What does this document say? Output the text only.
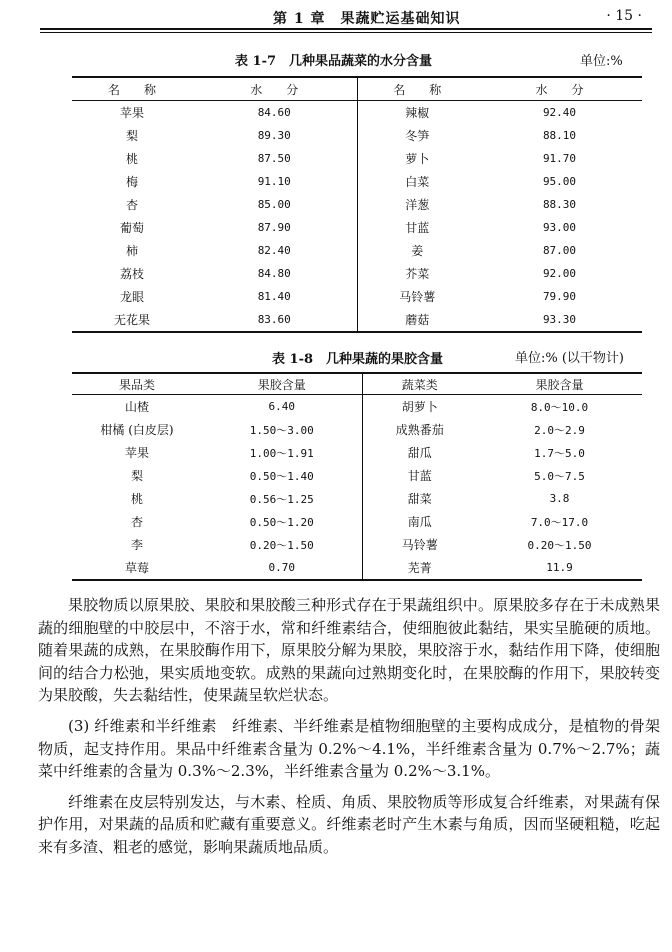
第 1 章　果蔬贮运基础知识	· 15 ·
表 1-7　几种果品蔬菜的水分含量	单位:%
名　　称	水　　分	名　　称	水　　分
苹果	84.60	辣椒	92.40
梨	89.30	冬笋	88.10
桃	87.50	萝卜	91.70
梅	91.10	白菜	95.00
杏	85.00	洋葱	88.30
葡萄	87.90	甘蓝	93.00
柿	82.40	姜	87.00
荔枝	84.80	芥菜	92.00
龙眼	81.40	马铃薯	79.90
无花果	83.60	蘑菇	93.30
表 1-8　几种果蔬的果胶含量	单位:% (以干物计)
果品类	果胶含量	蔬菜类	果胶含量
山楂	6.40	胡萝卜	8.0～10.0
柑橘 (白皮层)	1.50～3.00	成熟番茄	2.0～2.9
苹果	1.00～1.91	甜瓜	1.7～5.0
梨	0.50～1.40	甘蓝	5.0～7.5
桃	0.56～1.25	甜菜	3.8
杏	0.50～1.20	南瓜	7.0～17.0
李	0.20～1.50	马铃薯	0.20～1.50
草莓	0.70	芜菁	11.9

果胶物质以原果胶、果胶和果胶酸三种形式存在于果蔬组织中。原果胶多存在于未成熟果蔬的细胞壁的中胶层中，不溶于水，常和纤维素结合，使细胞彼此黏结，果实呈脆硬的质地。随着果蔬的成熟，在果胶酶作用下，原果胶分解为果胶，果胶溶于水，黏结作用下降，使细胞间的结合力松弛，果实质地变软。成熟的果蔬向过熟期变化时，在果胶酶的作用下，果胶转变为果胶酸，失去黏结性，使果蔬呈软烂状态。

(3) 纤维素和半纤维素　纤维素、半纤维素是植物细胞壁的主要构成成分，是植物的骨架物质，起支持作用。果品中纤维素含量为 0.2%～4.1%，半纤维素含量为 0.7%～2.7%；蔬菜中纤维素的含量为 0.3%～2.3%，半纤维素含量为 0.2%～3.1%。

纤维素在皮层特别发达，与木素、栓质、角质、果胶物质等形成复合纤维素，对果蔬有保护作用，对果蔬的品质和贮藏有重要意义。纤维素老时产生木素与角质，因而坚硬粗糙，吃起来有多渣、粗老的感觉，影响果蔬质地品质。
